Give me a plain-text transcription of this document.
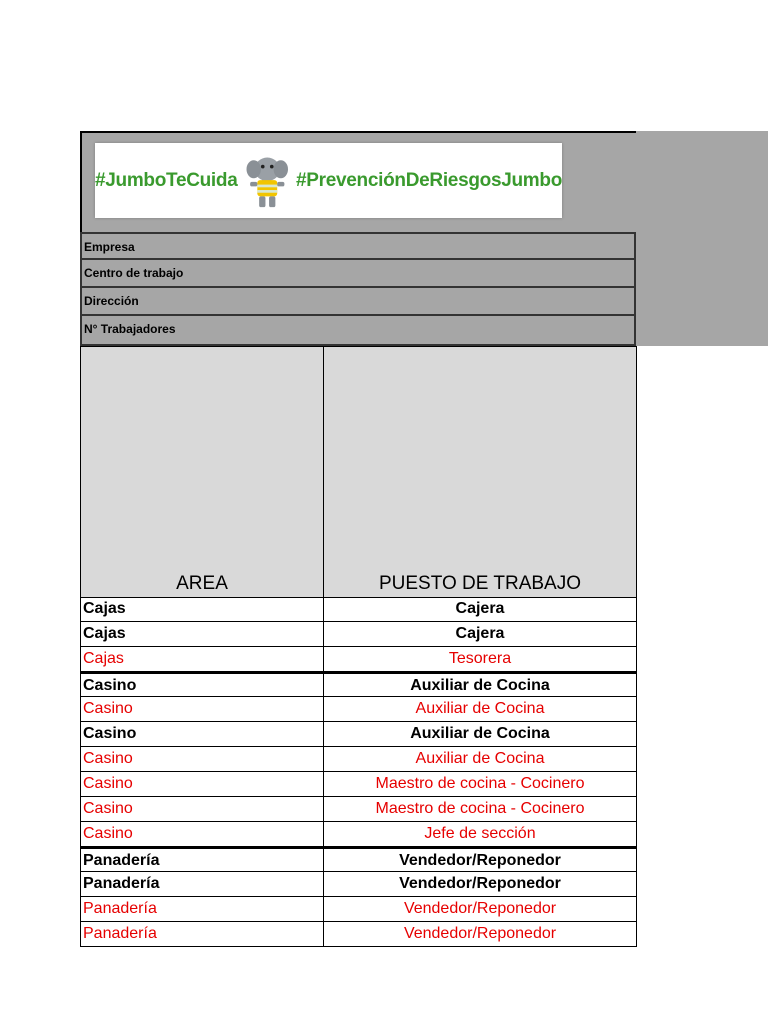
#JumboTeCuida	#PrevenciónDeRiesgosJumbo
Empresa
Centro de trabajo
Dirección
N° Trabajadores
AREA	PUESTO DE TRABAJO
Cajas	Cajera
Cajas	Cajera
Cajas	Tesorera
Casino	Auxiliar de Cocina
Casino	Auxiliar de Cocina
Casino	Auxiliar de Cocina
Casino	Auxiliar de Cocina
Casino	Maestro de cocina - Cocinero
Casino	Maestro de cocina - Cocinero
Casino	Jefe de sección
Panadería	Vendedor/Reponedor
Panadería	Vendedor/Reponedor
Panadería	Vendedor/Reponedor
Panadería	Vendedor/Reponedor
